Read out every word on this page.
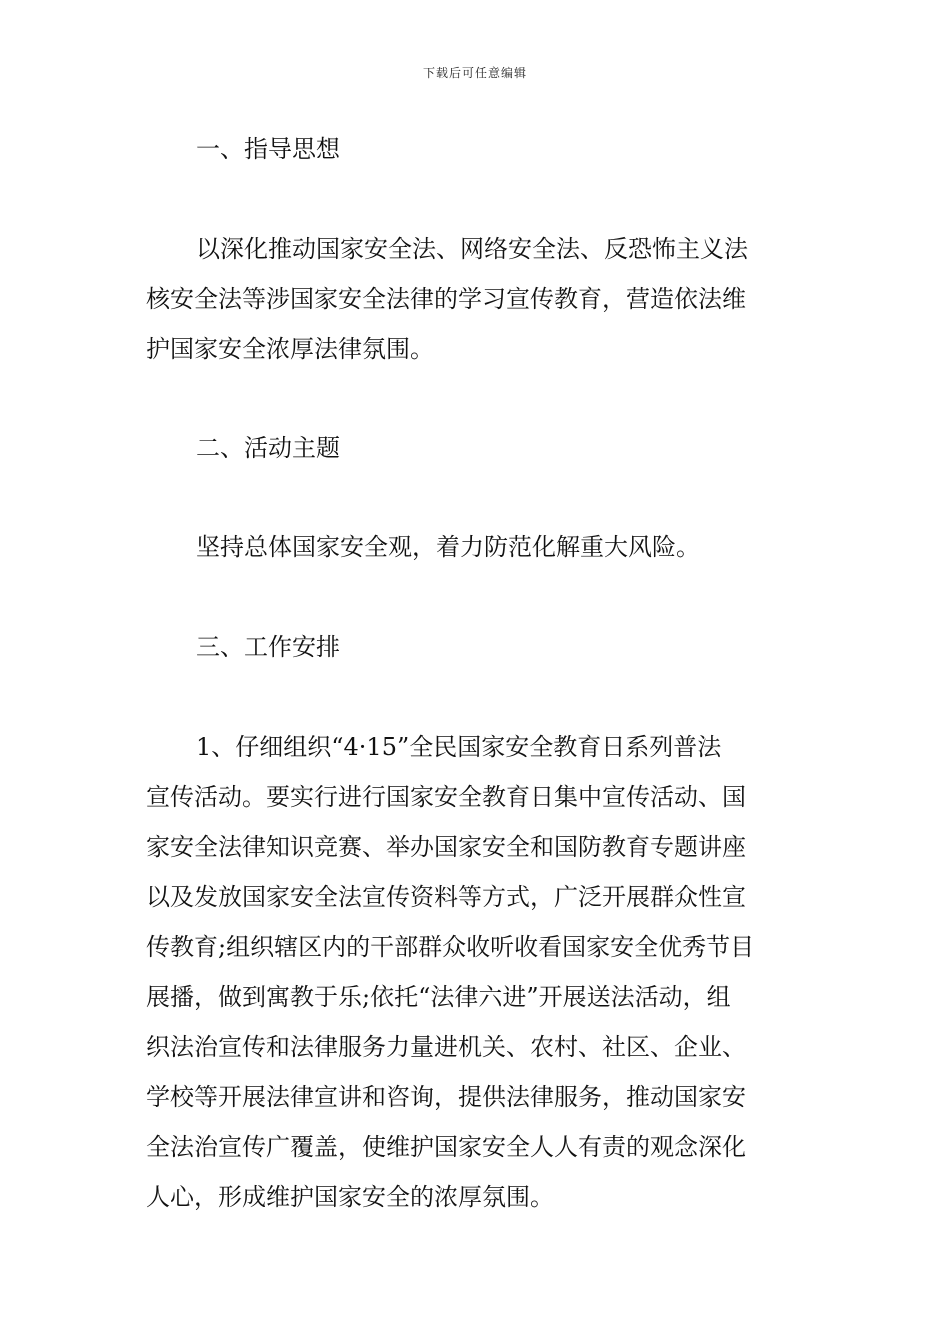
下载后可任意编辑
一、指导思想
以深化推动国家安全法、网络安全法、反恐怖主义法
核安全法等涉国家安全法律的学习宣传教育，营造依法维
护国家安全浓厚法律氛围。
二、活动主题
坚持总体国家安全观，着力防范化解重大风险。
三、工作安排
1、仔细组织“4·15”全民国家安全教育日系列普法
宣传活动。要实行进行国家安全教育日集中宣传活动、国
家安全法律知识竞赛、举办国家安全和国防教育专题讲座
以及发放国家安全法宣传资料等方式，广泛开展群众性宣
传教育;组织辖区内的干部群众收听收看国家安全优秀节目
展播，做到寓教于乐;依托“法律六进”开展送法活动，组
织法治宣传和法律服务力量进机关、农村、社区、企业、
学校等开展法律宣讲和咨询，提供法律服务，推动国家安
全法治宣传广覆盖，使维护国家安全人人有责的观念深化
人心，形成维护国家安全的浓厚氛围。
